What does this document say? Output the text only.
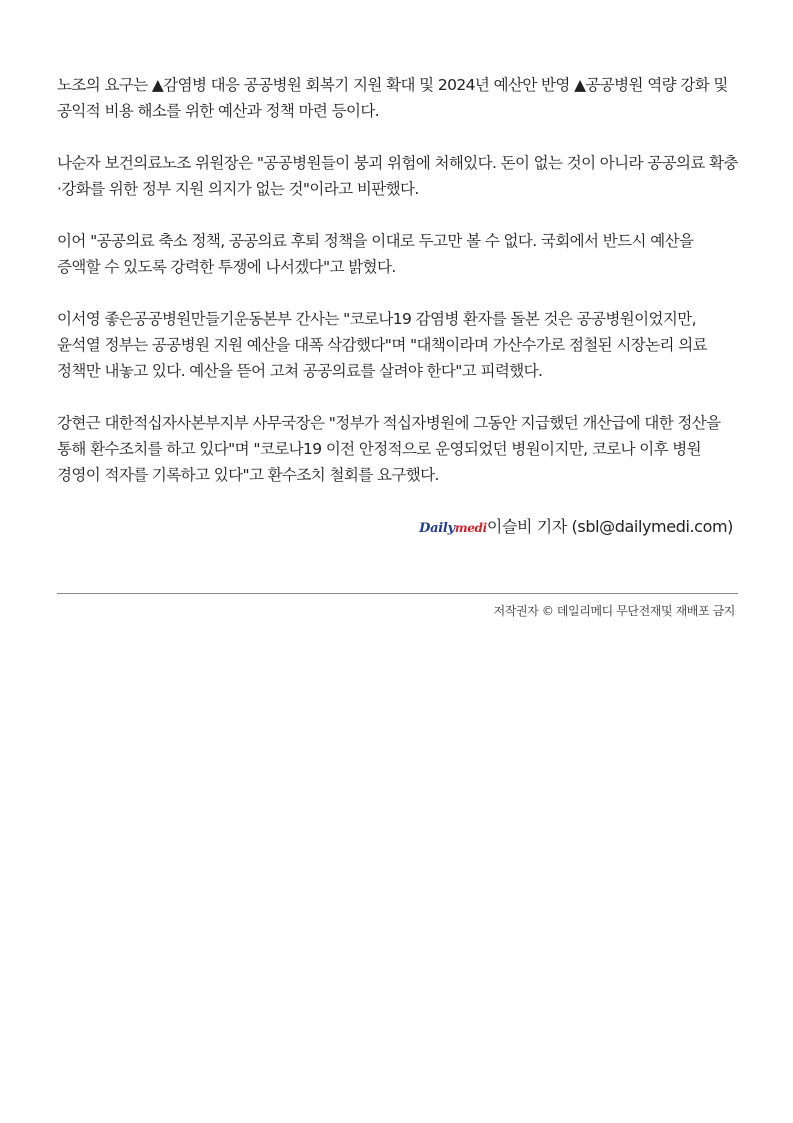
노조의 요구는 ▲감염병 대응 공공병원 회복기 지원 확대 및 2024년 예산안 반영 ▲공공병원 역량 강화 및 공익적 비용 해소를 위한 예산과 정책 마련 등이다.

나순자 보건의료노조 위원장은 "공공병원들이 붕괴 위험에 처해있다. 돈이 없는 것이 아니라 공공의료 확충·강화를 위한 정부 지원 의지가 없는 것"이라고 비판했다.

이어 "공공의료 축소 정책, 공공의료 후퇴 정책을 이대로 두고만 볼 수 없다. 국회에서 반드시 예산을 증액할 수 있도록 강력한 투쟁에 나서겠다"고 밝혔다.

이서영 좋은공공병원만들기운동본부 간사는 "코로나19 감염병 환자를 돌본 것은 공공병원이었지만, 윤석열 정부는 공공병원 지원 예산을 대폭 삭감했다"며 "대책이라며 가산수가로 점철된 시장논리 의료 정책만 내놓고 있다. 예산을 뜯어 고쳐 공공의료를 살려야 한다"고 피력했다.

강현근 대한적십자사본부지부 사무국장은 "정부가 적십자병원에 그동안 지급했던 개산급에 대한 정산을 통해 환수조치를 하고 있다"며 "코로나19 이전 안정적으로 운영되었던 병원이지만, 코로나 이후 병원 경영이 적자를 기록하고 있다"고 환수조치 철회를 요구했다.

Dailymedi이슬비 기자 (sbl@dailymedi.com)
저작권자 © 데일리메디 무단전재및 재배포 금지
